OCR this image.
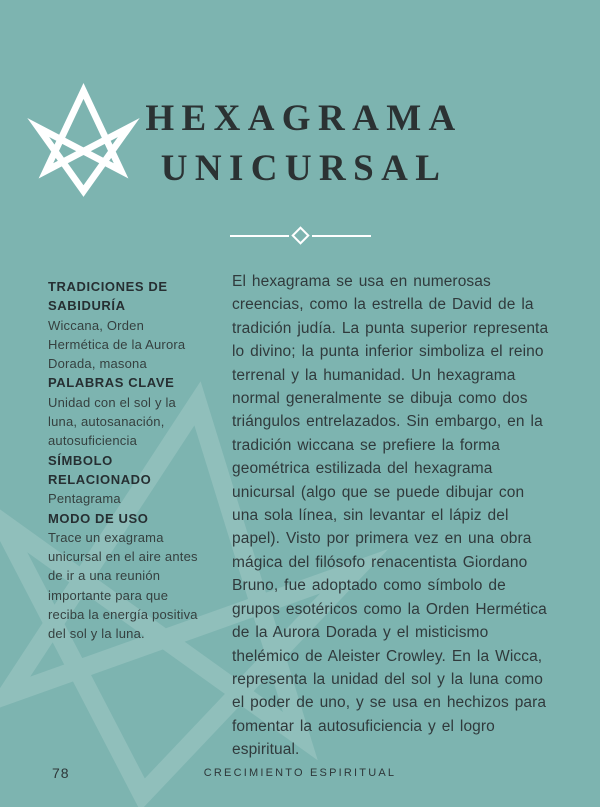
HEXAGRAMA
UNICURSAL
TRADICIONES DE SABIDURÍA
Wiccana, Orden Hermética de la Aurora Dorada, masona
PALABRAS CLAVE
Unidad con el sol y la luna, autosanación, autosuficiencia
SÍMBOLO RELACIONADO
Pentagrama
MODO DE USO
Trace un exagrama unicursal en el aire antes de ir a una reunión importante para que reciba la energía positiva del sol y la luna.

El hexagrama se usa en numerosas creencias, como la estrella de David de la tradición judía. La punta superior representa lo divino; la punta inferior simboliza el reino terrenal y la humanidad. Un hexagrama normal generalmente se dibuja como dos triángulos entrelazados. Sin embargo, en la tradición wiccana se prefiere la forma geométrica estilizada del hexagrama unicursal (algo que se puede dibujar con una sola línea, sin levantar el lápiz del papel). Visto por primera vez en una obra mágica del filósofo renacentista Giordano Bruno, fue adoptado como símbolo de grupos esotéricos como la Orden Hermética de la Aurora Dorada y el misticismo thelémico de Aleister Crowley. En la Wicca, representa la unidad del sol y la luna como el poder de uno, y se usa en hechizos para fomentar la autosuficiencia y el logro espiritual.

78	CRECIMIENTO ESPIRITUAL
